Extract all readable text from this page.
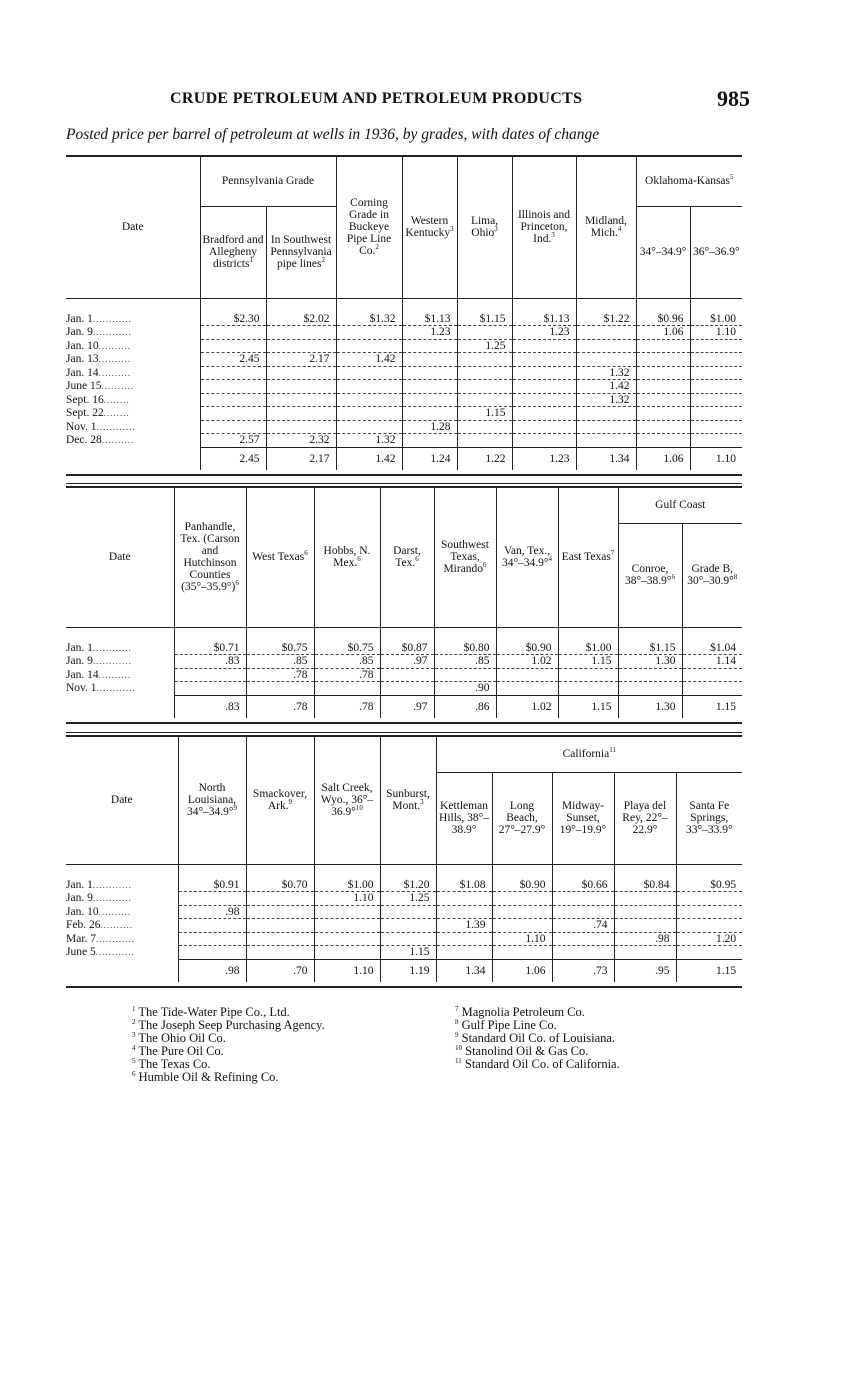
CRUDE PETROLEUM AND PETROLEUM PRODUCTS	985
Posted price per barrel of petroleum at wells in 1936, by grades, with dates of change
Date	Pennsylvania Grade		Corning Grade in Buckeye Pipe Line Co.$^2$	Western Kentucky$^3$	Lima, Ohio$^3$	Illinois and Princeton, Ind.$^3$	Midland, Mich.$^4$	Oklahoma-Kansas$^5$
	Bradford and Allegheny districts$^1$	In Southwest Pennsylvania pipe lines$^2$						34°–34.9°	36°–36.9°

Jan. 1............	$2.30	$2.02	$1.32	$1.13	$1.15	$1.13	$1.22	$0.96	$1.00
Jan. 9............				1.23		1.23		1.06	1.10
Jan. 10..........					1.25				
Jan. 13..........	2.45	2.17	1.42						
Jan. 14..........							1.32		
June 15..........							1.42		
Sept. 16........							1.32		
Sept. 22........					1.15				
Nov. 1............				1.28					
Dec. 28..........	2.57	2.32	1.32						
	2.45	2.17	1.42	1.24	1.22	1.23	1.34	1.06	1.10

Date	Panhandle, Tex. (Carson and Hutchinson Counties $(35^\circ-35.9^\circ)^6$	West Texas$^6$	Hobbs, N. Mex.$^6$	Darst, Tex.$^6$	Southwest Texas, Mirando$^6$	Van, Tex., 34°–34.9°$^4$	East Texas$^7$	Gulf Coast	
								Conroe, 38°–38.9°$^6$	Grade B, 30°–30.9°$^8$

Jan. 1............	$0.71	$0.75	$0.75	$0.87	$0.80	$0.90	$1.00	$1.15	$1.04
Jan. 9............	.83	.85	.85	.97	.85	1.02	1.15	1.30	1.14
Jan. 14..........		.78	.78						
Nov. 1............					.90				
	.83	.78	.78	.97	.86	1.02	1.15	1.30	1.15

Date	North Louisiana, 34°–34.9°$^9$	Smackover, Ark.$^9$	Salt Creek, Wyo., 36°–36.9°$^{10}$	Sunburst, Mont.$^3$	California$^{11}$
					Kettleman Hills, 38°–38.9°	Long Beach, 27°–27.9°	Midway-Sunset, 19°–19.9°	Playa del Rey, 22°–22.9°	Santa Fe Springs, 33°–33.9°

Jan. 1............	$0.91	$0.70	$1.00	$1.20	$1.08	$0.90	$0.66	$0.84	$0.95
Jan. 9............			1.10	1.25					
Jan. 10..........	.98								
Feb. 26..........					1.39		.74		
Mar. 7............						1.10		.98	1.20
June 5............				1.15					
	.98	.70	1.10	1.19	1.34	1.06	.73	.95	1.15

$^1$ The Tide-Water Pipe Co., Ltd.
$^2$ The Joseph Seep Purchasing Agency.
$^3$ The Ohio Oil Co.
$^4$ The Pure Oil Co.
$^5$ The Texas Co.
$^6$ Humble Oil & Refining Co.
$^7$ Magnolia Petroleum Co.
$^8$ Gulf Pipe Line Co.
$^9$ Standard Oil Co. of Louisiana.
$^{10}$ Stanolind Oil & Gas Co.
$^{11}$ Standard Oil Co. of California.
